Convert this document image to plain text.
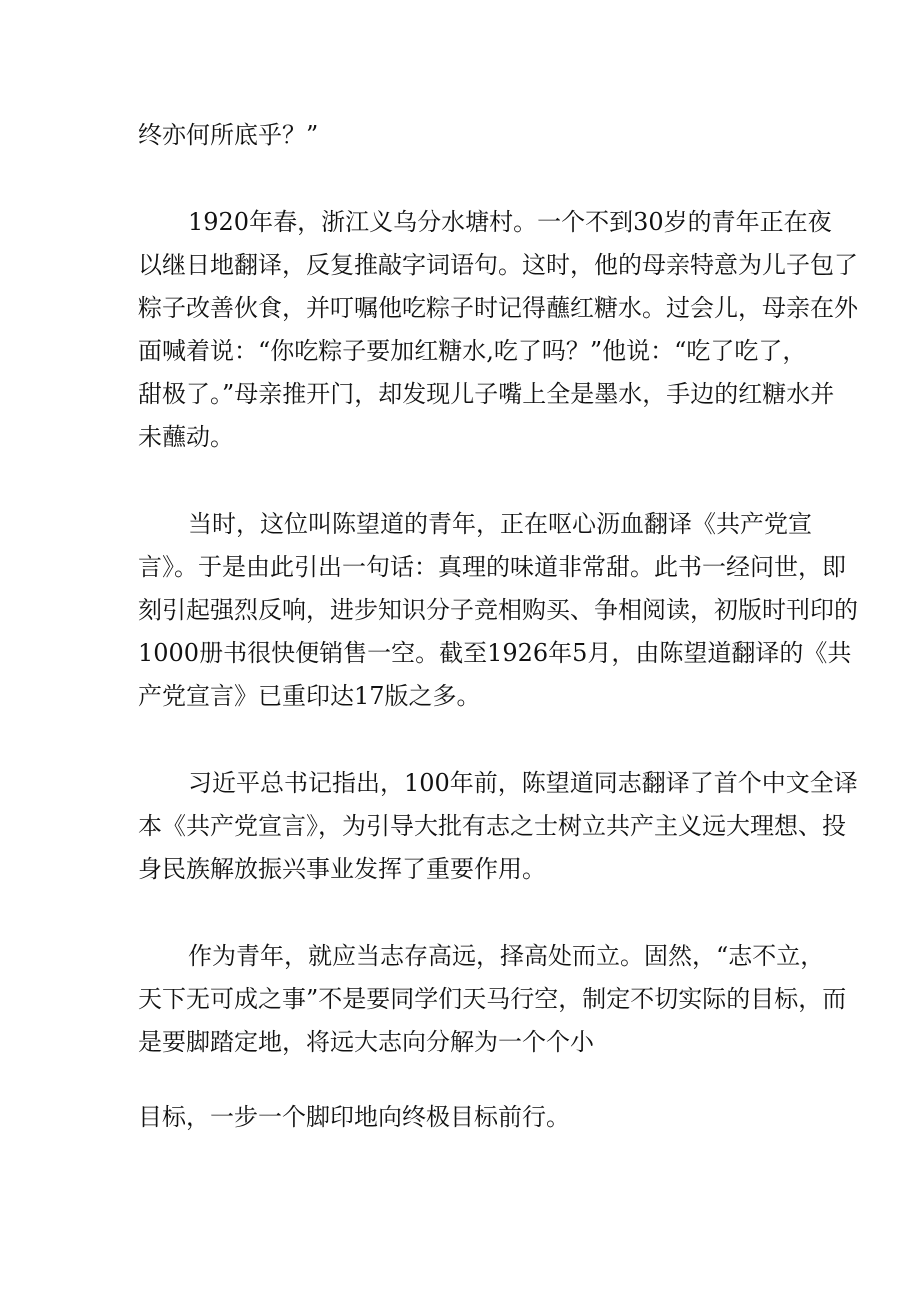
终亦何所底乎？”
1920年春，浙江义乌分水塘村。一个不到30岁的青年正在夜
以继日地翻译，反复推敲字词语句。这时，他的母亲特意为儿子包了
粽子改善伙食，并叮嘱他吃粽子时记得蘸红糖水。过会儿，母亲在外
面喊着说：“你吃粽子要加红糖水,吃了吗？”他说：“吃了吃了，
甜极了。”母亲推开门，却发现儿子嘴上全是墨水，手边的红糖水并
未蘸动。
当时，这位叫陈望道的青年，正在呕心沥血翻译《共产党宣
言》。于是由此引出一句话：真理的味道非常甜。此书一经问世，即
刻引起强烈反响，进步知识分子竞相购买、争相阅读，初版时刊印的
1000册书很快便销售一空。截至1926年5月，由陈望道翻译的《共
产党宣言》已重印达17版之多。
习近平总书记指出，100年前，陈望道同志翻译了首个中文全译
本《共产党宣言》，为引导大批有志之士树立共产主义远大理想、投
身民族解放振兴事业发挥了重要作用。
作为青年，就应当志存高远，择高处而立。固然，“志不立，
天下无可成之事”不是要同学们天马行空，制定不切实际的目标，而
是要脚踏定地，将远大志向分解为一个个小
目标，一步一个脚印地向终极目标前行。
